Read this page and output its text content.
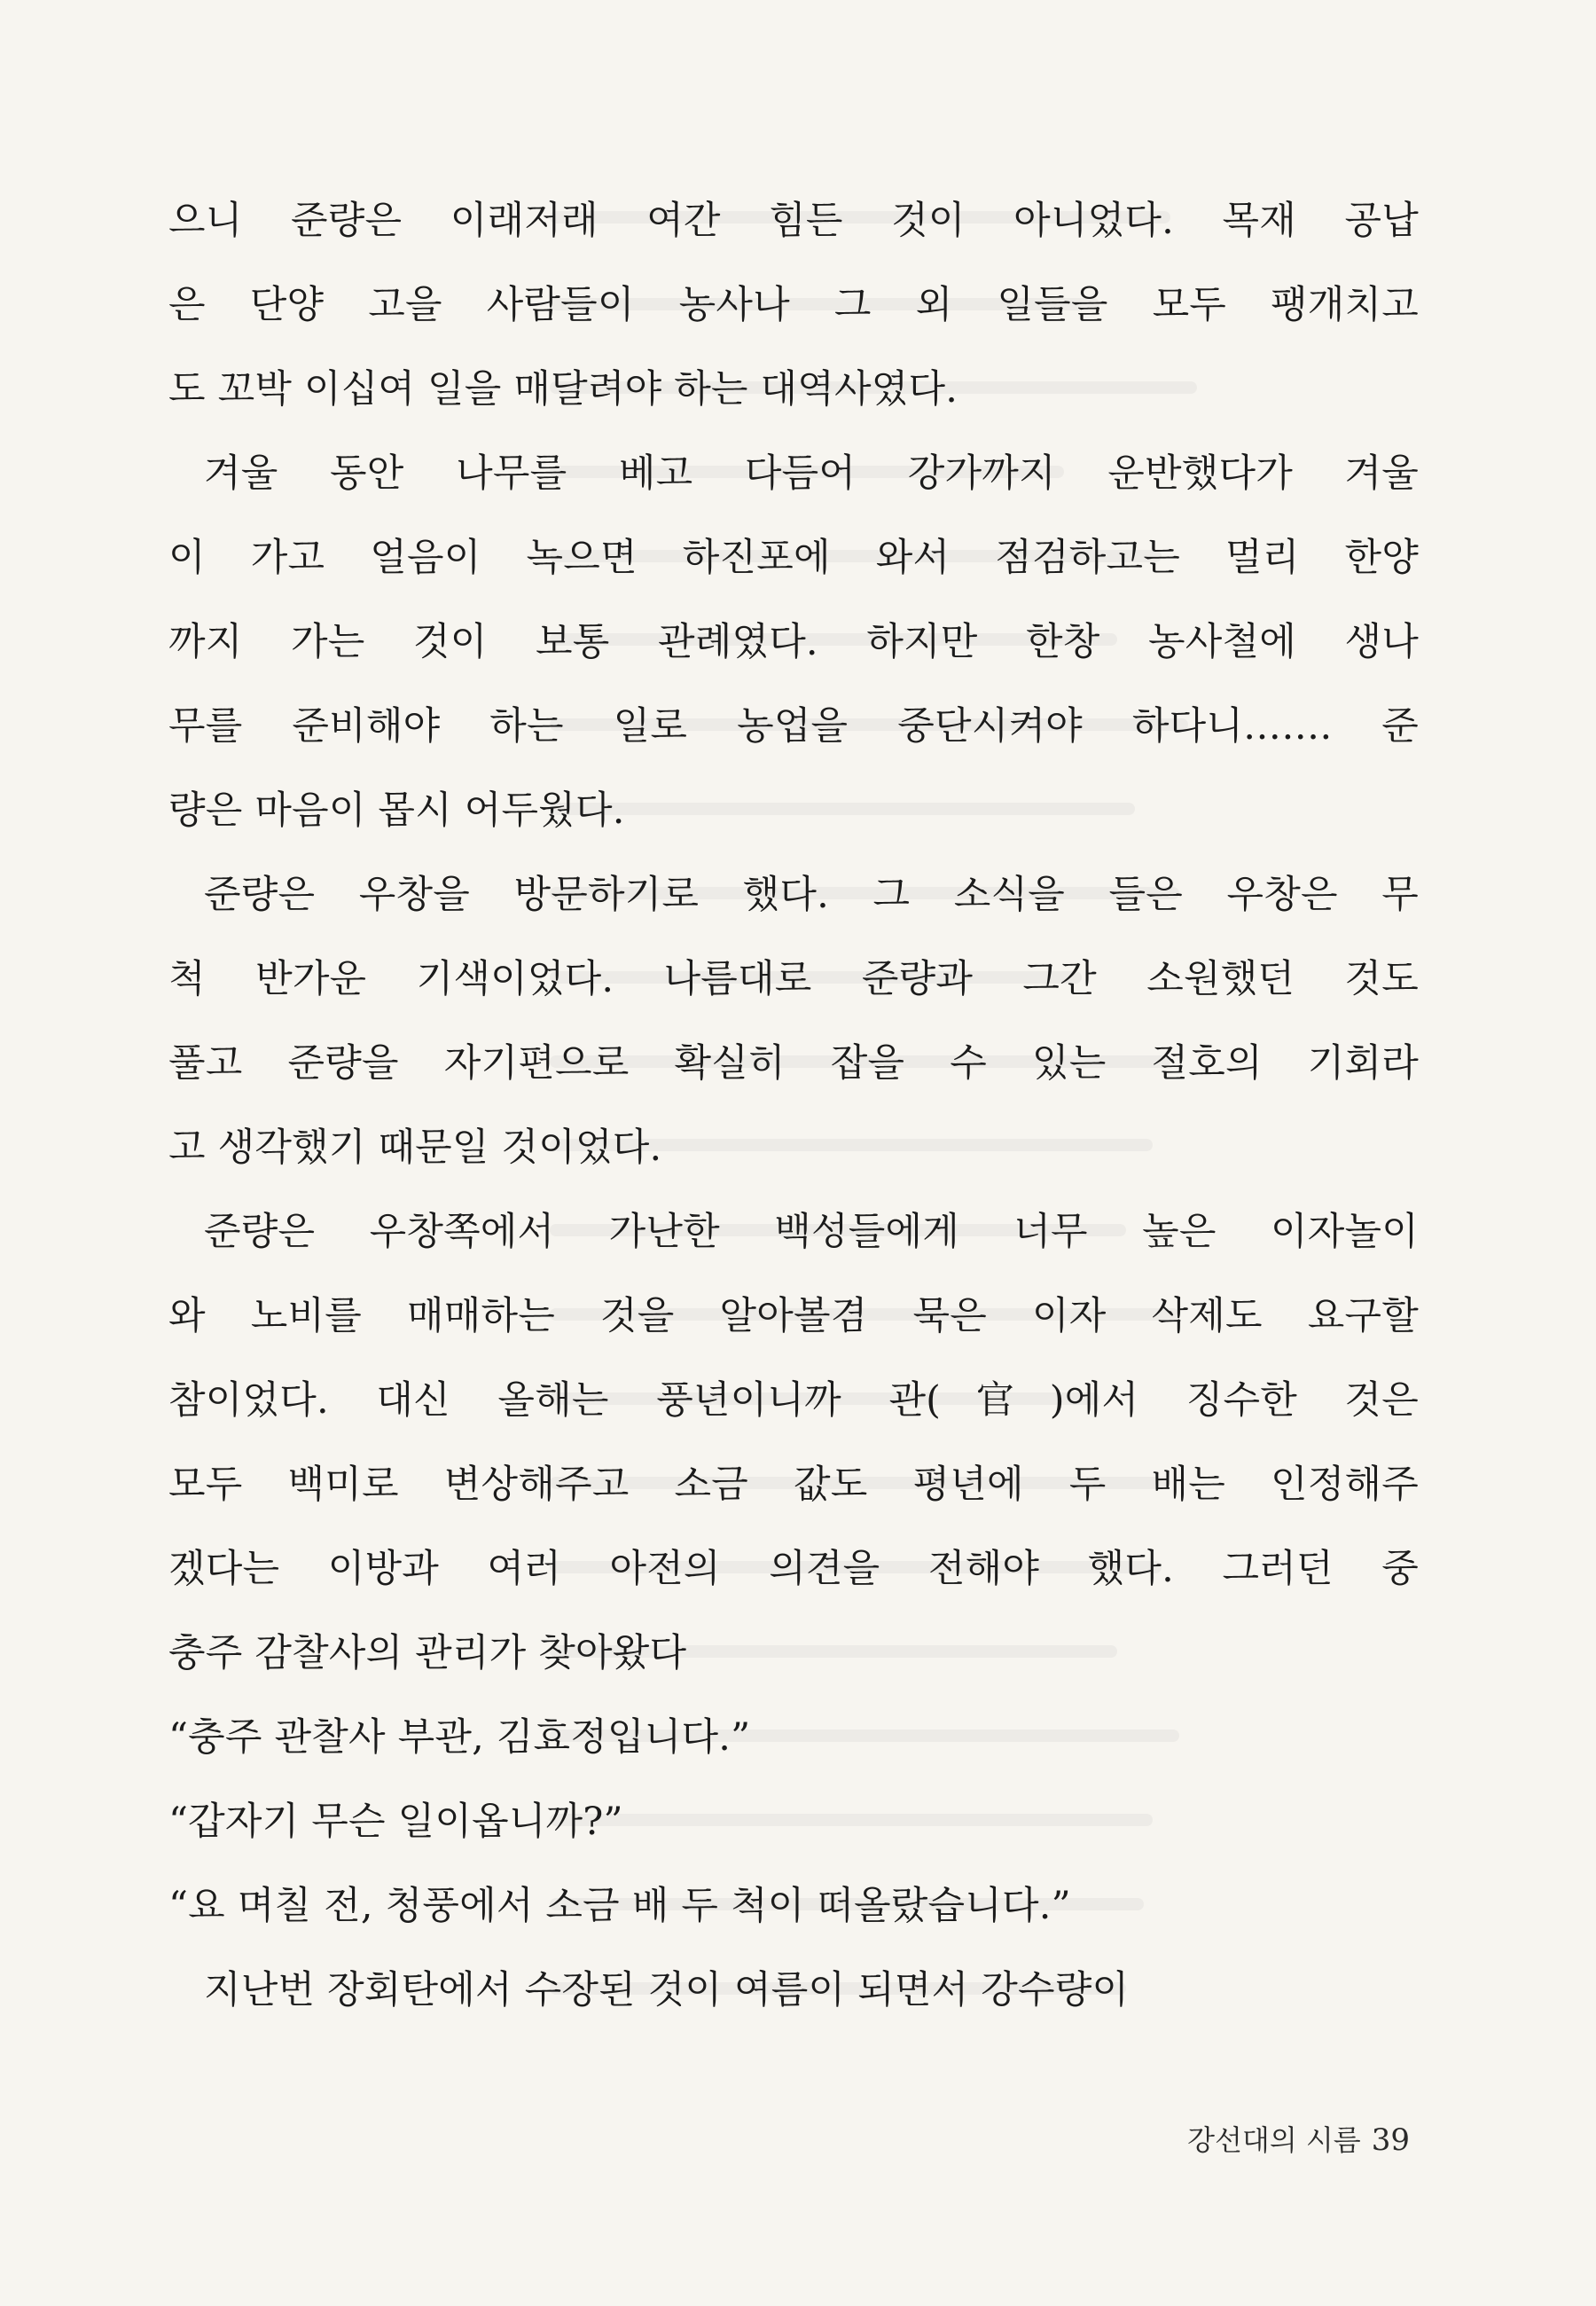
으니 준량은 이래저래 여간 힘든 것이 아니었다. 목재 공납
은 단양 고을 사람들이 농사나 그 외 일들을 모두 팽개치고
도 꼬박 이십여 일을 매달려야 하는 대역사였다.
겨울 동안 나무를 베고 다듬어 강가까지 운반했다가 겨울
이 가고 얼음이 녹으면 하진포에 와서 점검하고는 멀리 한양
까지 가는 것이 보통 관례였다. 하지만 한창 농사철에 생나
무를 준비해야 하는 일로 농업을 중단시켜야 하다니……. 준
량은 마음이 몹시 어두웠다.
준량은 우창을 방문하기로 했다. 그 소식을 들은 우창은 무
척 반가운 기색이었다. 나름대로 준량과 그간 소원했던 것도
풀고 준량을 자기편으로 확실히 잡을 수 있는 절호의 기회라
고 생각했기 때문일 것이었다.
준량은 우창쪽에서 가난한 백성들에게 너무 높은 이자놀이
와 노비를 매매하는 것을 알아볼겸 묵은 이자 삭제도 요구할
참이었다. 대신 올해는 풍년이니까 관(官)에서 징수한 것은
모두 백미로 변상해주고 소금 값도 평년에 두 배는 인정해주
겠다는 이방과 여러 아전의 의견을 전해야 했다. 그러던 중
충주 감찰사의 관리가 찾아왔다
“충주 관찰사 부관, 김효정입니다.”
“갑자기 무슨 일이옵니까?”
“요 며칠 전, 청풍에서 소금 배 두 척이 떠올랐습니다.”
지난번 장회탄에서 수장된 것이 여름이 되면서 강수량이
강선대의 시름 39
